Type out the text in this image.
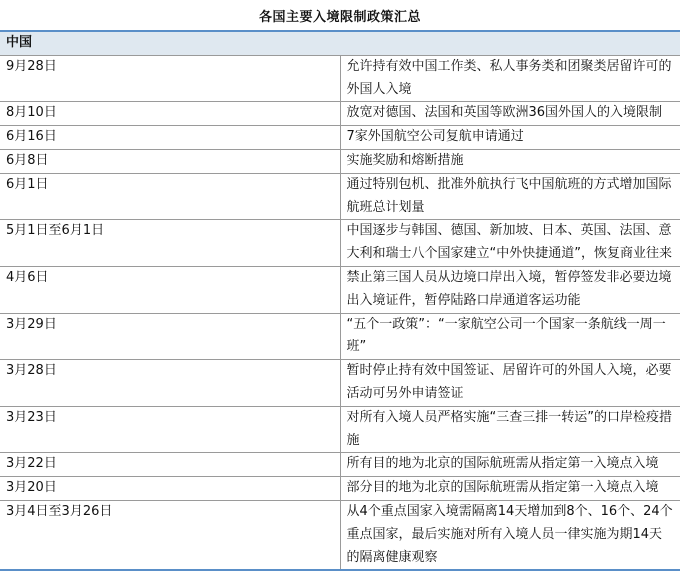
各国主要入境限制政策汇总
中国	
9月28日	允许持有效中国工作类、私人事务类和团聚类居留许可的外国人入境
8月10日	放宽对德国、法国和英国等欧洲36国外国人的入境限制
6月16日	7家外国航空公司复航申请通过
6月8日	实施奖励和熔断措施
6月1日	通过特别包机、批准外航执行飞中国航班的方式增加国际航班总计划量
5月1日至6月1日	中国逐步与韩国、德国、新加坡、日本、英国、法国、意大利和瑞士八个国家建立“中外快捷通道”，恢复商业往来
4月6日	禁止第三国人员从边境口岸出入境，暂停签发非必要边境出入境证件，暂停陆路口岸通道客运功能
3月29日	“五个一政策”：“一家航空公司一个国家一条航线一周一班”
3月28日	暂时停止持有效中国签证、居留许可的外国人入境，必要活动可另外申请签证
3月23日	对所有入境人员严格实施“三查三排一转运”的口岸检疫措施
3月22日	所有目的地为北京的国际航班需从指定第一入境点入境
3月20日	部分目的地为北京的国际航班需从指定第一入境点入境
3月4日至3月26日	从4个重点国家入境需隔离14天增加到8个、16个、24个重点国家，最后实施对所有入境人员一律实施为期14天的隔离健康观察
